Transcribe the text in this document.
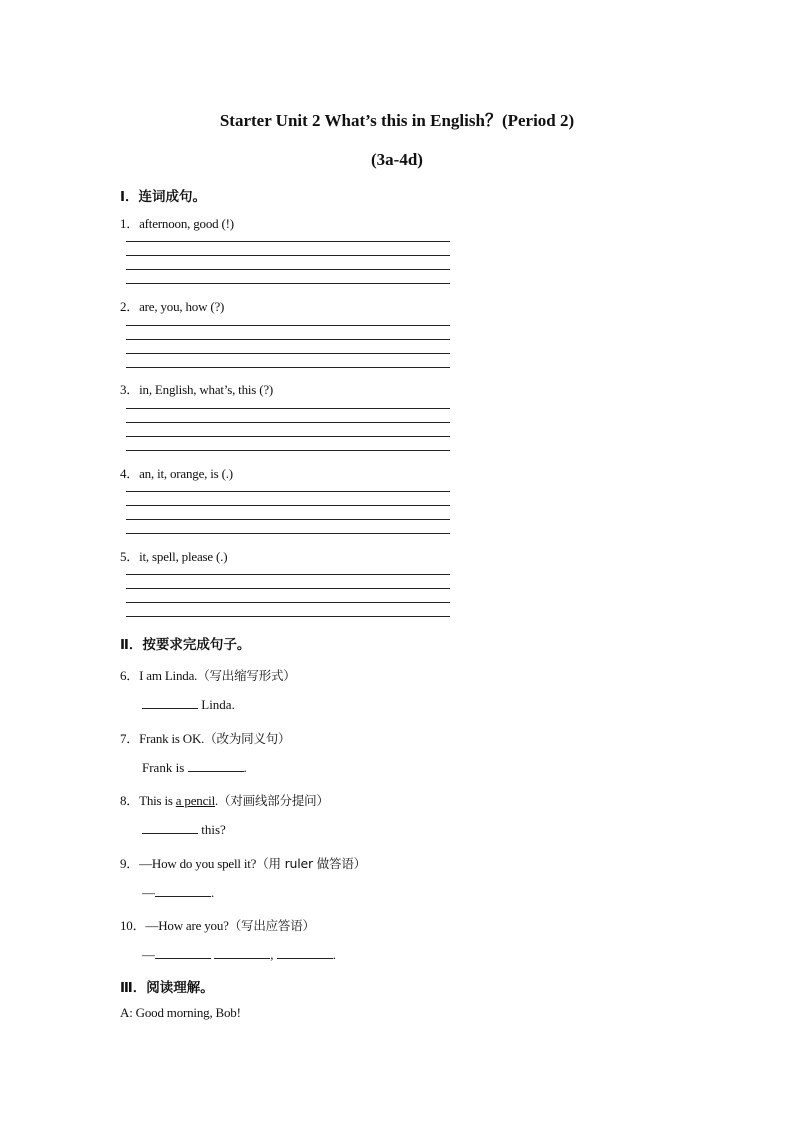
Starter Unit 2 What’s this in English？(Period 2)
(3a-4d)
Ⅰ．连词成句。
1．afternoon, good (!)
2．are, you, how (?)
3．in, English, what’s, this (?)
4．an, it, orange, is (.)
5．it, spell, please (.)
Ⅱ．按要求完成句子。
6．I am Linda.（写出缩写形式）
Linda.
7．Frank is OK.（改为同义句）
Frank is	.
8．This is a pencil.（对画线部分提问）
this?
9．—How do you spell it?（用 ruler 做答语）
—	.
10．—How are you?（写出应答语）
—	,	.
Ⅲ．阅读理解。
A: Good morning, Bob!
